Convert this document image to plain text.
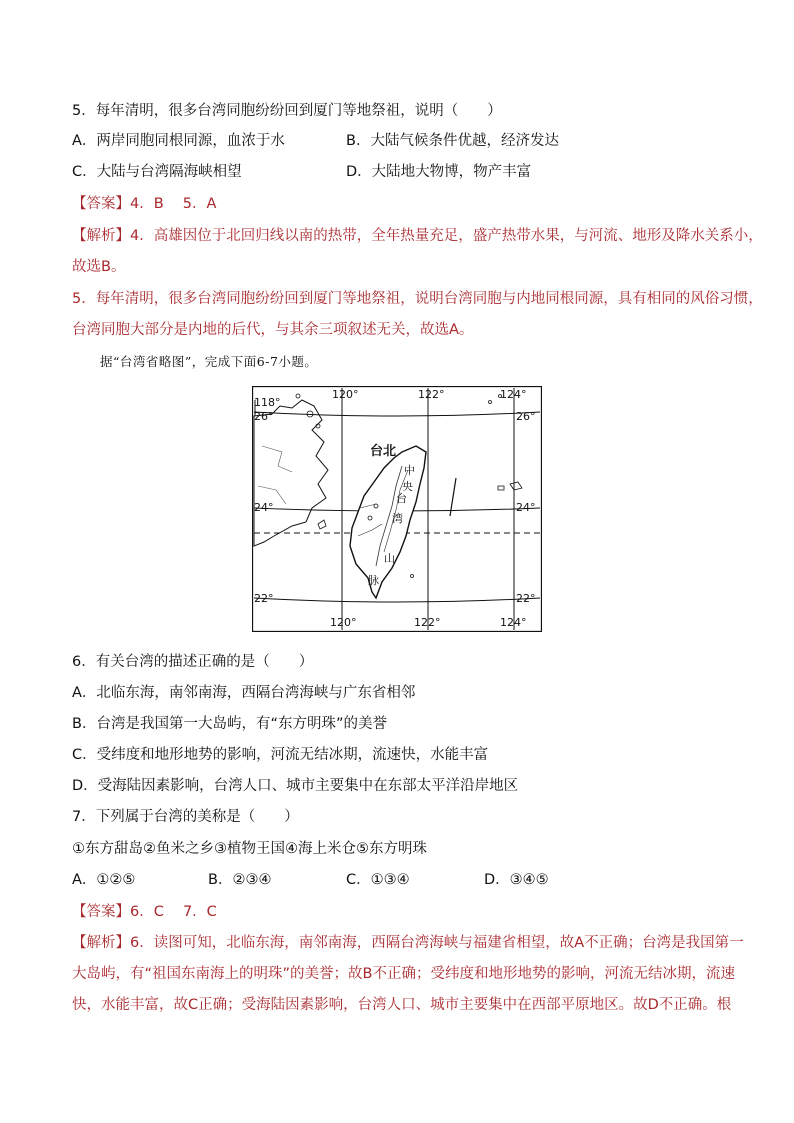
5．每年清明，很多台湾同胞纷纷回到厦门等地祭祖，说明（　　）
A．两岸同胞同根同源，血浓于水	B．大陆气候条件优越，经济发达
C．大陆与台湾隔海峡相望	D．大陆地大物博，物产丰富
【答案】4．B　 5．A
【解析】4．高雄因位于北回归线以南的热带，全年热量充足，盛产热带水果，与河流、地形及降水关系小，
故选B。
5．每年清明，很多台湾同胞纷纷回到厦门等地祭祖，说明台湾同胞与内地同根同源，具有相同的风俗习惯，
台湾同胞大部分是内地的后代，与其余三项叙述无关，故选A。
据“台湾省略图”，完成下面6-7小题。
118°
120°	122°	124°
120°	122°	124°
26°
24°
22°
26°
24°
22°
台北
中
央
台
湾
山
脉
6．有关台湾的描述正确的是（　　）
A．北临东海，南邻南海，西隔台湾海峡与广东省相邻
B．台湾是我国第一大岛屿，有“东方明珠”的美誉
C．受纬度和地形地势的影响，河流无结冰期，流速快，水能丰富
D．受海陆因素影响，台湾人口、城市主要集中在东部太平洋沿岸地区
7．下列属于台湾的美称是（　　）
①东方甜岛②鱼米之乡③植物王国④海上米仓⑤东方明珠
A．①②⑤	B．②③④	C．①③④	D．③④⑤
【答案】6．C　 7．C
【解析】6．读图可知，北临东海，南邻南海，西隔台湾海峡与福建省相望，故A不正确；台湾是我国第一
大岛屿，有“祖国东南海上的明珠”的美誉；故B不正确；受纬度和地形地势的影响，河流无结冰期，流速
快，水能丰富，故C正确；受海陆因素影响，台湾人口、城市主要集中在西部平原地区。故D不正确。根
